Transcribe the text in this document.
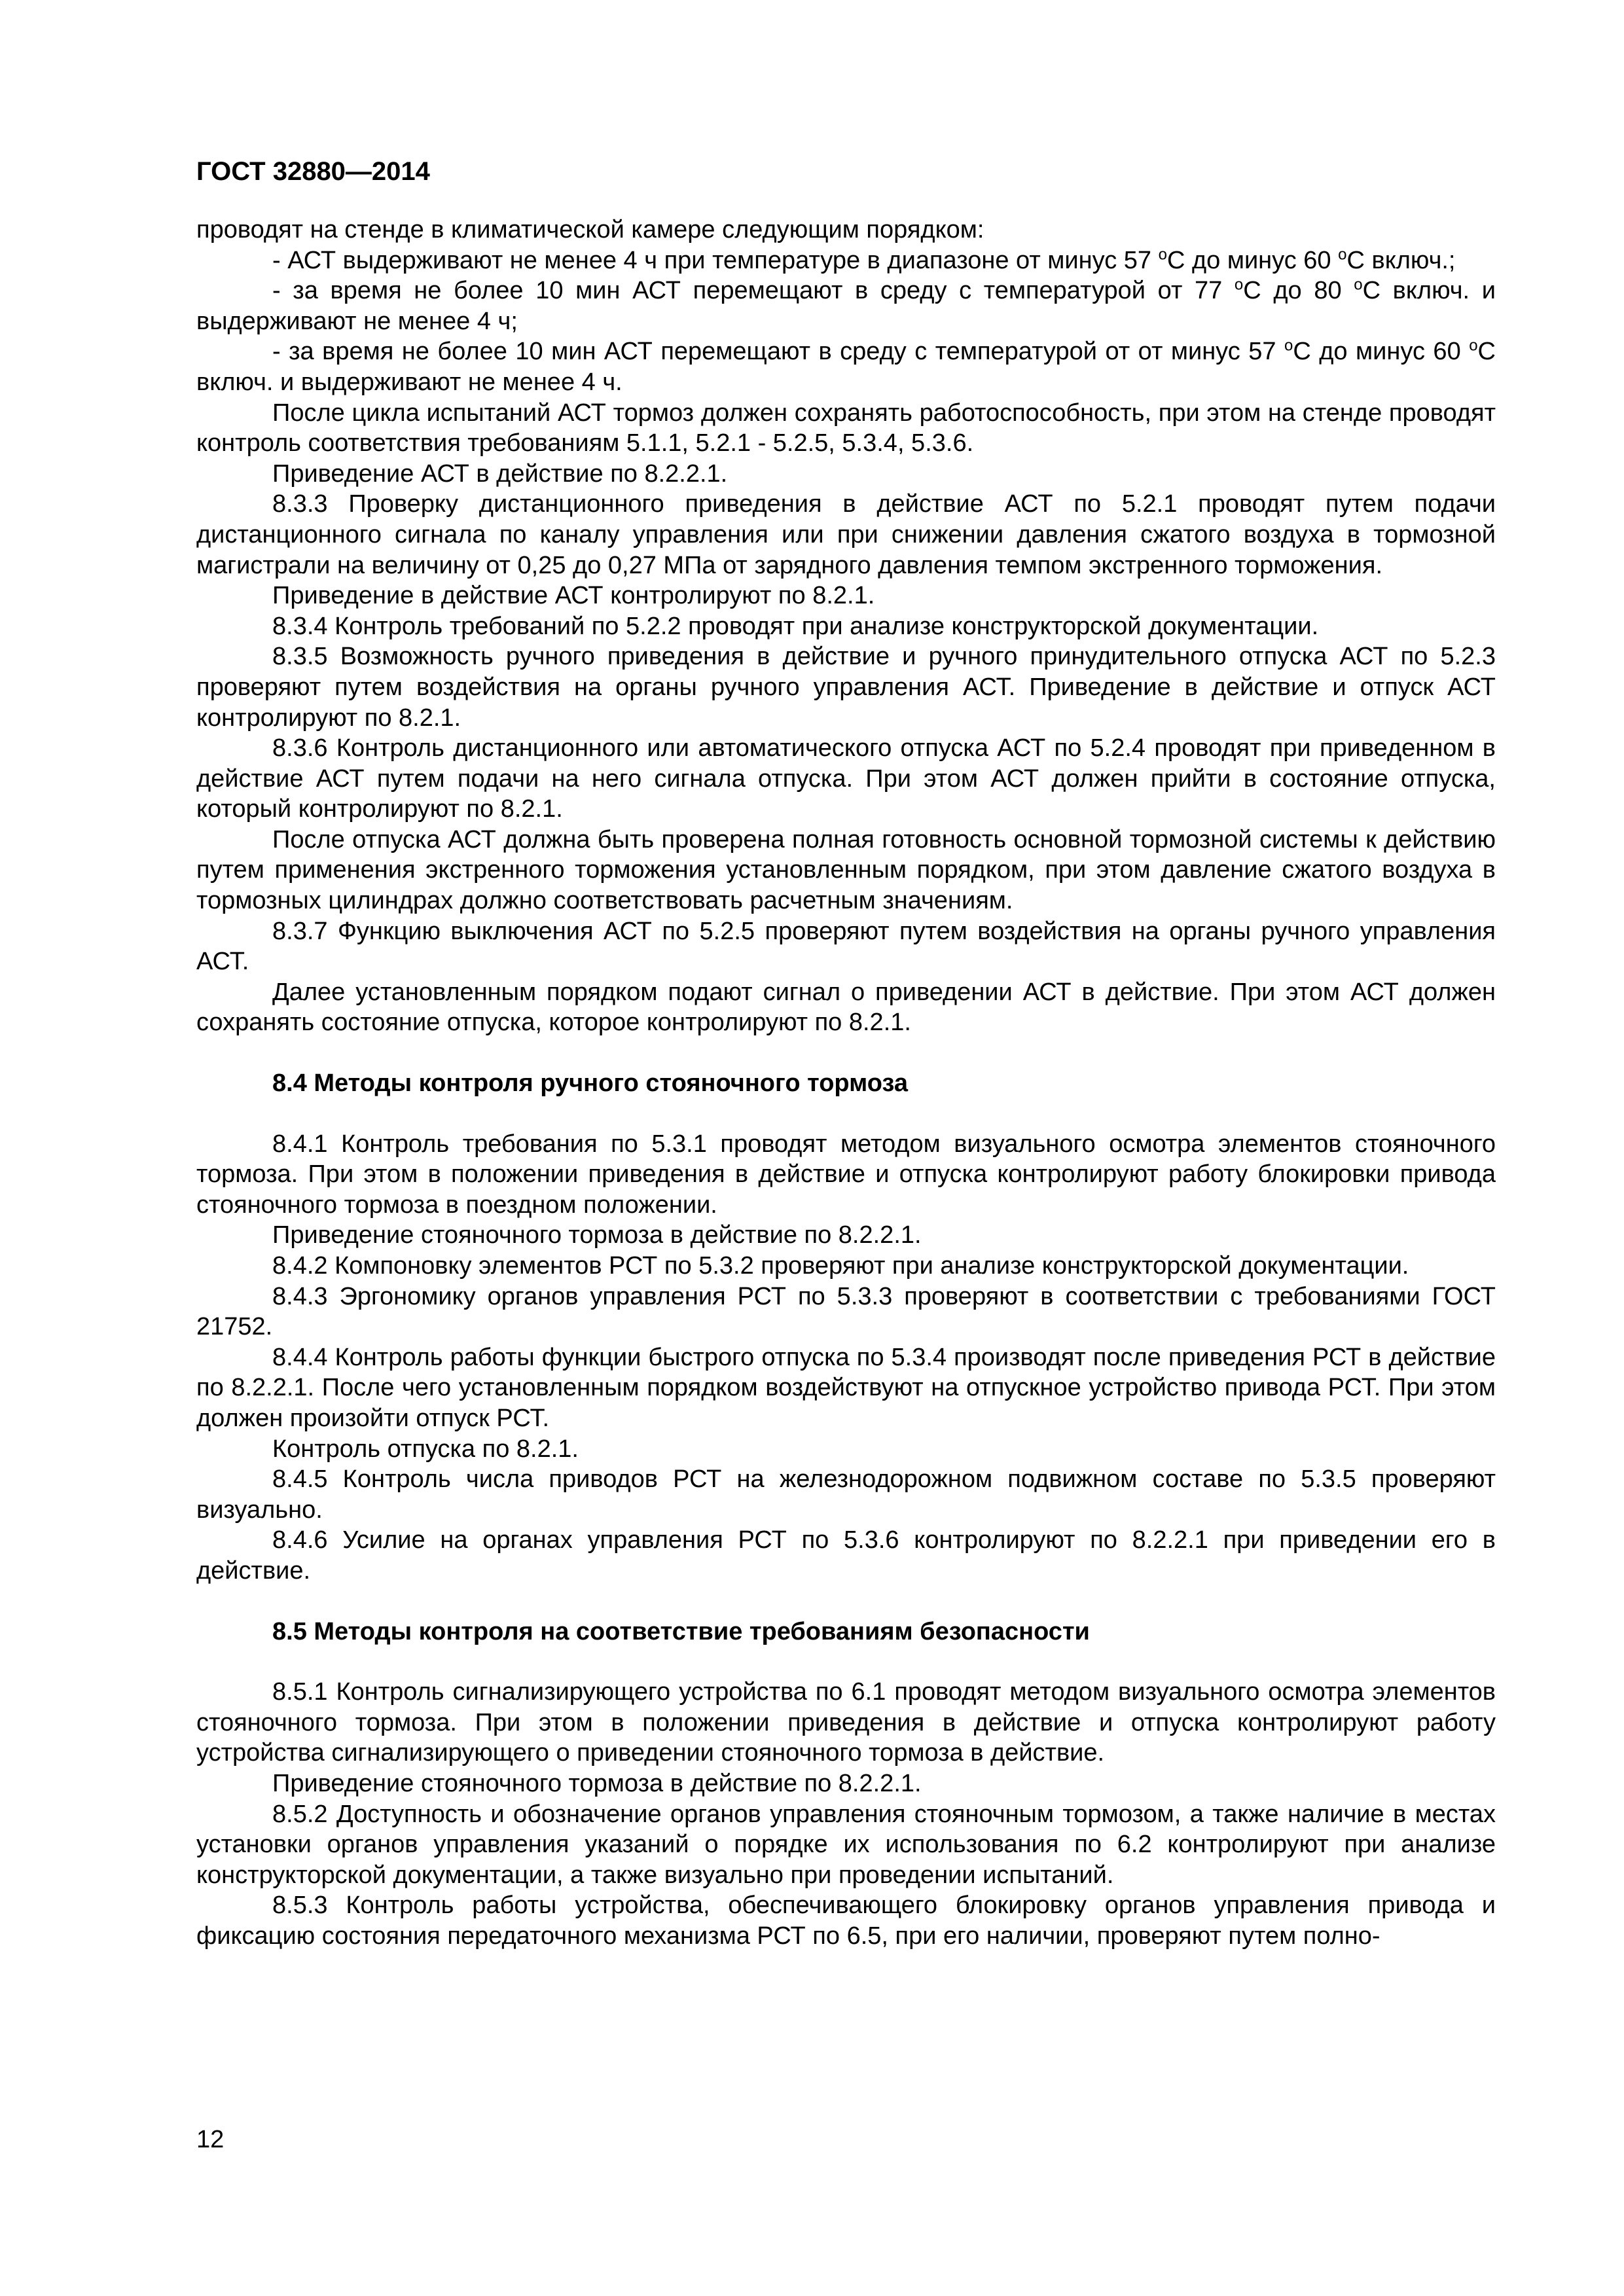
ГОСТ 32880—2014

проводят на стенде в климатической камере следующим порядком:

- АСТ выдерживают не менее 4 ч при температуре в диапазоне от минус 57 $^o$С до минус 60 $^o$С включ.;

- за время не более 10 мин АСТ перемещают в среду с температурой от 77 $^o$С до 80 $^o$С включ. и выдерживают не менее 4 ч;

- за время не более 10 мин АСТ перемещают в среду с температурой от от минус 57 $^o$С до минус 60 $^o$С включ. и выдерживают не менее 4 ч.

После цикла испытаний АСТ тормоз должен сохранять работоспособность, при этом на стенде проводят контроль соответствия требованиям 5.1.1, 5.2.1 - 5.2.5, 5.3.4, 5.3.6.

Приведение АСТ в действие по 8.2.2.1.

8.3.3 Проверку дистанционного приведения в действие АСТ по 5.2.1 проводят путем подачи дистанционного сигнала по каналу управления или при снижении давления сжатого воздуха в тормозной магистрали на величину от 0,25 до 0,27 МПа от зарядного давления темпом экстренного торможения.

Приведение в действие АСТ контролируют по 8.2.1.

8.3.4 Контроль требований по 5.2.2 проводят при анализе конструкторской документации.

8.3.5 Возможность ручного приведения в действие и ручного принудительного отпуска АСТ по 5.2.3 проверяют путем воздействия на органы ручного управления АСТ. Приведение в действие и отпуск АСТ контролируют по 8.2.1.

8.3.6 Контроль дистанционного или автоматического отпуска АСТ по 5.2.4 проводят при приведенном в действие АСТ путем подачи на него сигнала отпуска. При этом АСТ должен прийти в состояние отпуска, который контролируют по 8.2.1.

После отпуска АСТ должна быть проверена полная готовность основной тормозной системы к действию путем применения экстренного торможения установленным порядком, при этом давление сжатого воздуха в тормозных цилиндрах должно соответствовать расчетным значениям.

8.3.7 Функцию выключения АСТ по 5.2.5 проверяют путем воздействия на органы ручного управления АСТ.

Далее установленным порядком подают сигнал о приведении АСТ в действие. При этом АСТ должен сохранять состояние отпуска, которое контролируют по 8.2.1.

8.4 Методы контроля ручного стояночного тормоза

8.4.1 Контроль требования по 5.3.1 проводят методом визуального осмотра элементов стояночного тормоза. При этом в положении приведения в действие и отпуска контролируют работу блокировки привода стояночного тормоза в поездном положении.

Приведение стояночного тормоза в действие по 8.2.2.1.

8.4.2 Компоновку элементов РСТ по 5.3.2 проверяют при анализе конструкторской документации.

8.4.3 Эргономику органов управления РСТ по 5.3.3 проверяют в соответствии с требованиями ГОСТ 21752.

8.4.4 Контроль работы функции быстрого отпуска по 5.3.4 производят после приведения РСТ в действие по 8.2.2.1. После чего установленным порядком воздействуют на отпускное устройство привода РСТ. При этом должен произойти отпуск РСТ.

Контроль отпуска по 8.2.1.

8.4.5 Контроль числа приводов РСТ на железнодорожном подвижном составе по 5.3.5 проверяют визуально.

8.4.6 Усилие на органах управления РСТ по 5.3.6 контролируют по 8.2.2.1 при приведении его в действие.

8.5 Методы контроля на соответствие требованиям безопасности

8.5.1 Контроль сигнализирующего устройства по 6.1 проводят методом визуального осмотра элементов стояночного тормоза. При этом в положении приведения в действие и отпуска контролируют работу устройства сигнализирующего о приведении стояночного тормоза в действие.

Приведение стояночного тормоза в действие по 8.2.2.1.

8.5.2 Доступность и обозначение органов управления стояночным тормозом, а также наличие в местах установки органов управления указаний о порядке их использования по 6.2 контролируют при анализе конструкторской документации, а также визуально при проведении испытаний.

8.5.3 Контроль работы устройства, обеспечивающего блокировку органов управления привода и фиксацию состояния передаточного механизма РСТ по 6.5, при его наличии, проверяют путем полно-

12
